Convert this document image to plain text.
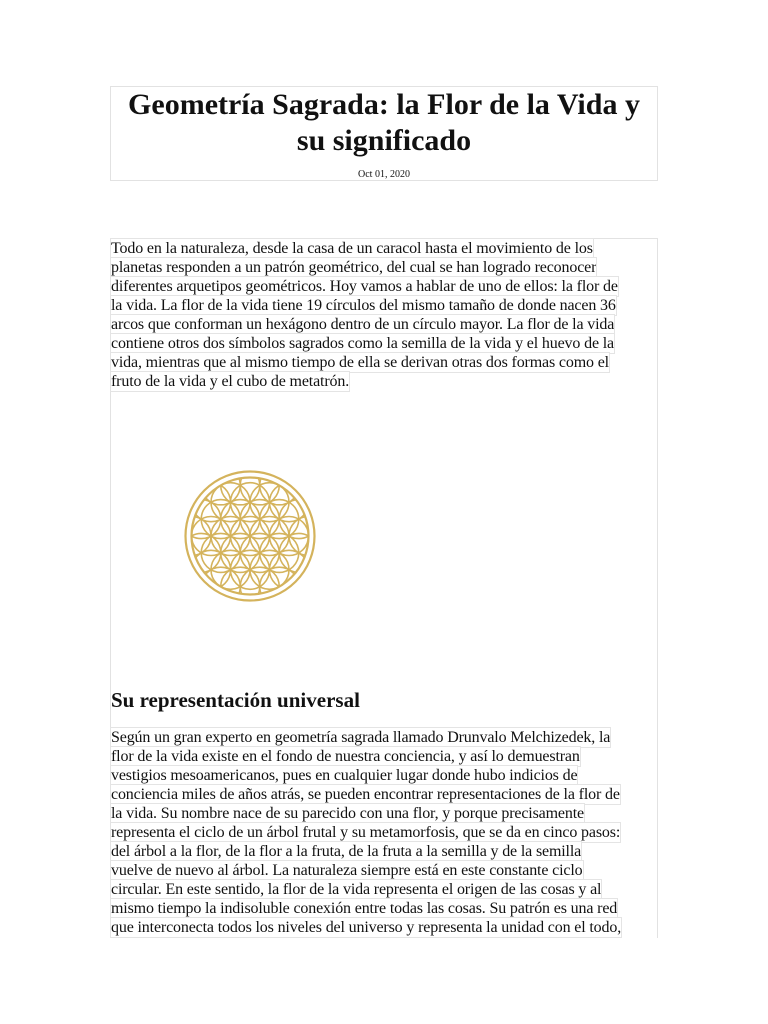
Geometría Sagrada: la Flor de la Vida y
su significado
Oct 01, 2020

Todo en la naturaleza, desde la casa de un caracol hasta el movimiento de los
planetas responden a un patrón geométrico, del cual se han logrado reconocer
diferentes arquetipos geométricos. Hoy vamos a hablar de uno de ellos: la flor de
la vida. La flor de la vida tiene 19 círculos del mismo tamaño de donde nacen 36
arcos que conforman un hexágono dentro de un círculo mayor. La flor de la vida
contiene otros dos símbolos sagrados como la semilla de la vida y el huevo de la
vida, mientras que al mismo tiempo de ella se derivan otras dos formas como el
fruto de la vida y el cubo de metatrón.

Su representación universal

Según un gran experto en geometría sagrada llamado Drunvalo Melchizedek, la
flor de la vida existe en el fondo de nuestra conciencia, y así lo demuestran
vestigios mesoamericanos, pues en cualquier lugar donde hubo indicios de
conciencia miles de años atrás, se pueden encontrar representaciones de la flor de
la vida. Su nombre nace de su parecido con una flor, y porque precisamente
representa el ciclo de un árbol frutal y su metamorfosis, que se da en cinco pasos:
del árbol a la flor, de la flor a la fruta, de la fruta a la semilla y de la semilla
vuelve de nuevo al árbol. La naturaleza siempre está en este constante ciclo
circular. En este sentido, la flor de la vida representa el origen de las cosas y al
mismo tiempo la indisoluble conexión entre todas las cosas. Su patrón es una red
que interconecta todos los niveles del universo y representa la unidad con el todo,
